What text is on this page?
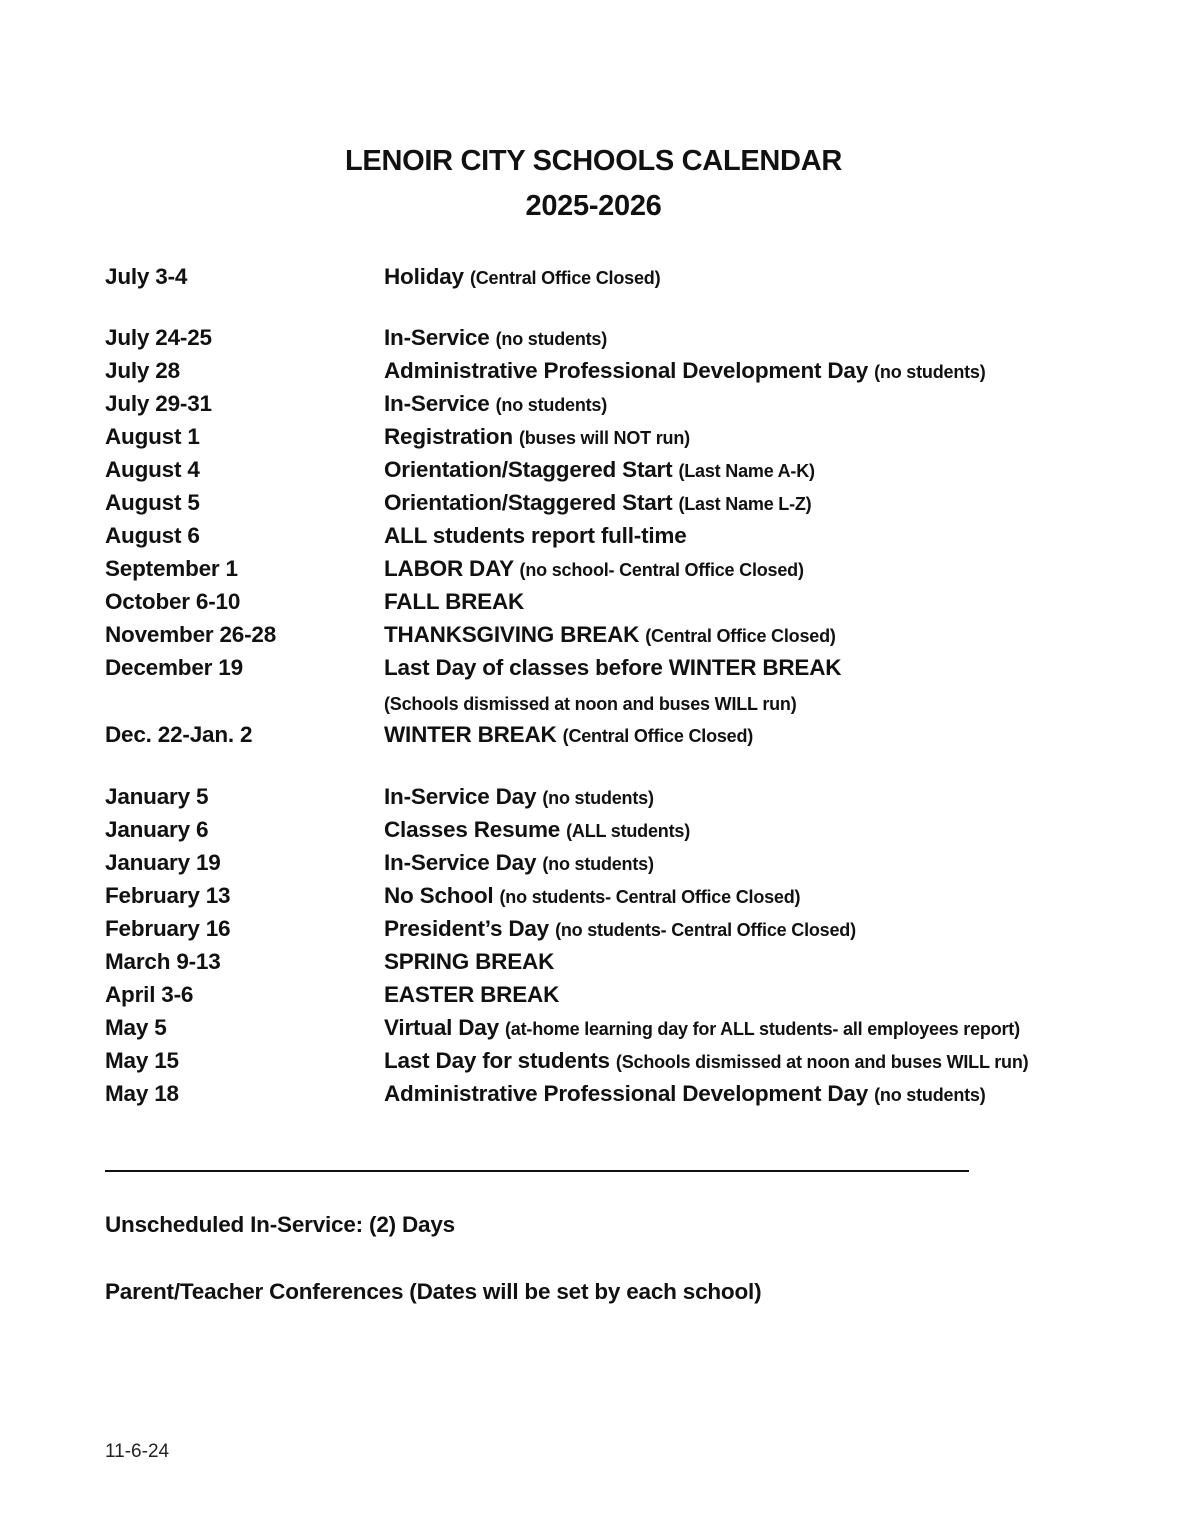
LENOIR CITY SCHOOLS CALENDAR
2025-2026
July 3-4	Holiday (Central Office Closed)
July 24-25	In-Service (no students)
July 28	Administrative Professional Development Day (no students)
July 29-31	In-Service (no students)
August 1	Registration (buses will NOT run)
August 4	Orientation/Staggered Start (Last Name A-K)
August 5	Orientation/Staggered Start (Last Name L-Z)
August 6	ALL students report full-time
September 1	LABOR DAY (no school- Central Office Closed)
October 6-10	FALL BREAK
November 26-28	THANKSGIVING BREAK (Central Office Closed)
December 19	Last Day of classes before WINTER BREAK
(Schools dismissed at noon and buses WILL run)
Dec. 22-Jan. 2	WINTER BREAK (Central Office Closed)
January 5	In-Service Day (no students)
January 6	Classes Resume (ALL students)
January 19	In-Service Day (no students)
February 13	No School (no students- Central Office Closed)
February 16	President’s Day (no students- Central Office Closed)
March 9-13	SPRING BREAK
April 3-6	EASTER BREAK
May 5	Virtual Day (at-home learning day for ALL students- all employees report)
May 15	Last Day for students (Schools dismissed at noon and buses WILL run)
May 18	Administrative Professional Development Day (no students)
Unscheduled In-Service: (2) Days
Parent/Teacher Conferences (Dates will be set by each school)
11-6-24
